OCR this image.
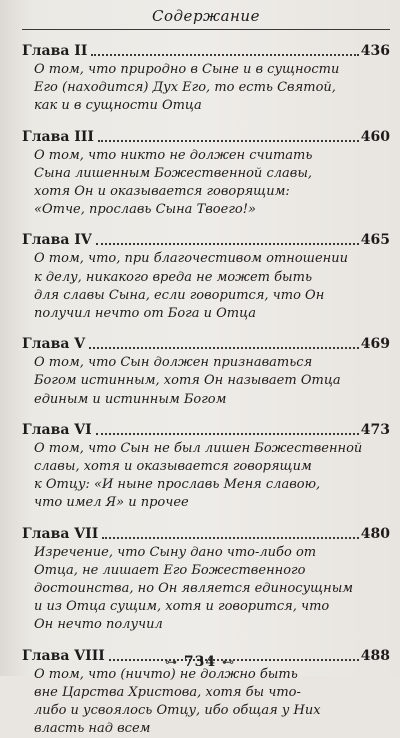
Содержание
Глава II	436
О том, что природно в Сыне и в сущности
Его (находится) Дух Его, то есть Святой,
как и в сущности Отца
Глава III	460
О том, что никто не должен считать
Сына лишенным Божественной славы,
хотя Он и оказывается говорящим:
«Отче, прославь Сына Твоего!»
Глава IV	465
О том, что, при благочестивом отношении
к делу, никакого вреда не может быть
для славы Сына, если говорится, что Он
получил нечто от Бога и Отца
Глава V	469
О том, что Сын должен признаваться
Богом истинным, хотя Он называет Отца
единым и истинным Богом
Глава VI	473
О том, что Сын не был лишен Божественной
славы, хотя и оказывается говорящим
к Отцу: «И ныне прославь Меня славою,
что имел Я» и прочее
Глава VII	480
Изречение, что Сыну дано что-либо от
Отца, не лишает Его Божественного
достоинства, но Он является единосущным
и из Отца сущим, хотя и говорится, что
Он нечто получил
Глава VIII	488
О том, что (ничто) не должно быть
вне Царства Христова, хотя бы что-
либо и усвоялось Отцу, ибо общая у Них
власть над всем
⊶ 734 ⊷
